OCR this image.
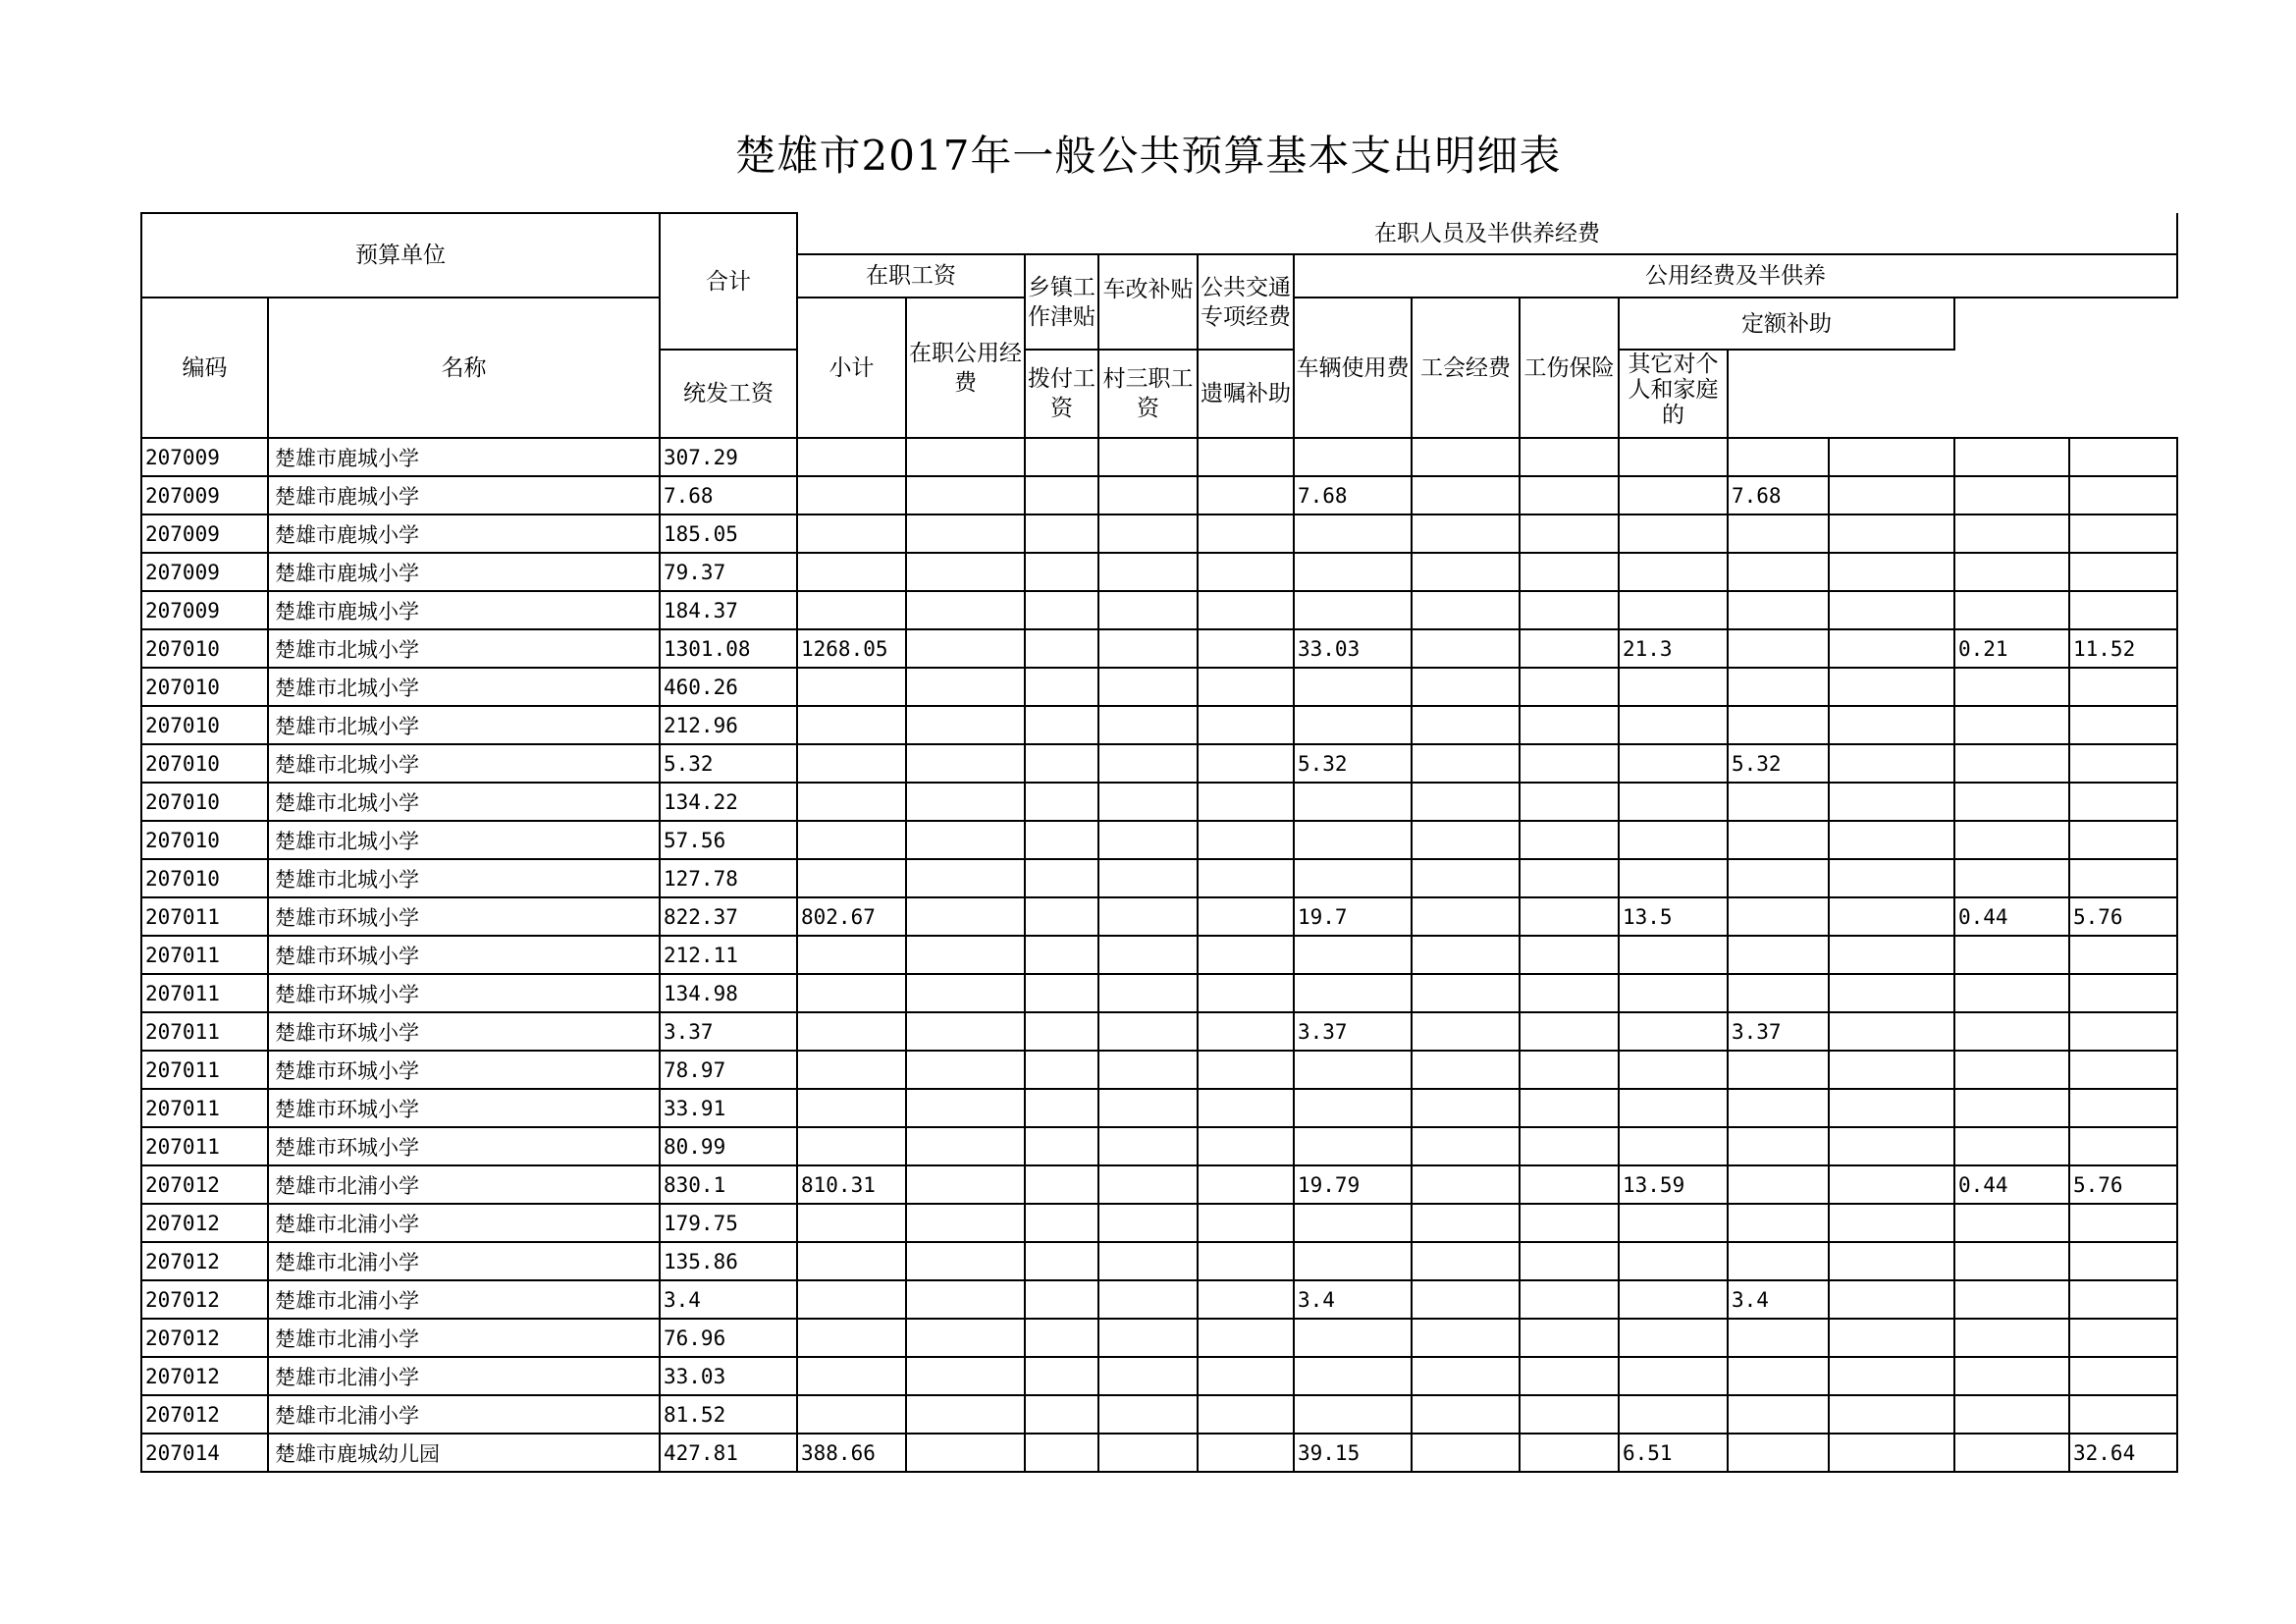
楚雄市2017年一般公共预算基本支出明细表
预算单位		合计	在职人员及半供养经费												
			在职工资		乡镇工作津贴	车改补贴	公共交通专项经费	公用经费及半供养							
编码	名称		小计	在职公用经费				车辆使用费	工会经费	工伤保险	定额补助				
		统发工资			拨付工资	村三职工资	遗嘱补助				其它对个人和家庭的				

207009	楚雄市鹿城小学	307.29													
207009	楚雄市鹿城小学	7.68						7.68				7.68			
207009	楚雄市鹿城小学	185.05													
207009	楚雄市鹿城小学	79.37													
207009	楚雄市鹿城小学	184.37													
207010	楚雄市北城小学	1301.08	1268.05					33.03			21.3			0.21	11.52
207010	楚雄市北城小学	460.26													
207010	楚雄市北城小学	212.96													
207010	楚雄市北城小学	5.32						5.32				5.32			
207010	楚雄市北城小学	134.22													
207010	楚雄市北城小学	57.56													
207010	楚雄市北城小学	127.78													
207011	楚雄市环城小学	822.37	802.67					19.7			13.5			0.44	5.76
207011	楚雄市环城小学	212.11													
207011	楚雄市环城小学	134.98													
207011	楚雄市环城小学	3.37						3.37				3.37			
207011	楚雄市环城小学	78.97													
207011	楚雄市环城小学	33.91													
207011	楚雄市环城小学	80.99													
207012	楚雄市北浦小学	830.1	810.31					19.79			13.59			0.44	5.76
207012	楚雄市北浦小学	179.75													
207012	楚雄市北浦小学	135.86													
207012	楚雄市北浦小学	3.4						3.4				3.4			
207012	楚雄市北浦小学	76.96													
207012	楚雄市北浦小学	33.03													
207012	楚雄市北浦小学	81.52													
207014	楚雄市鹿城幼儿园	427.81	388.66					39.15			6.51				32.64
